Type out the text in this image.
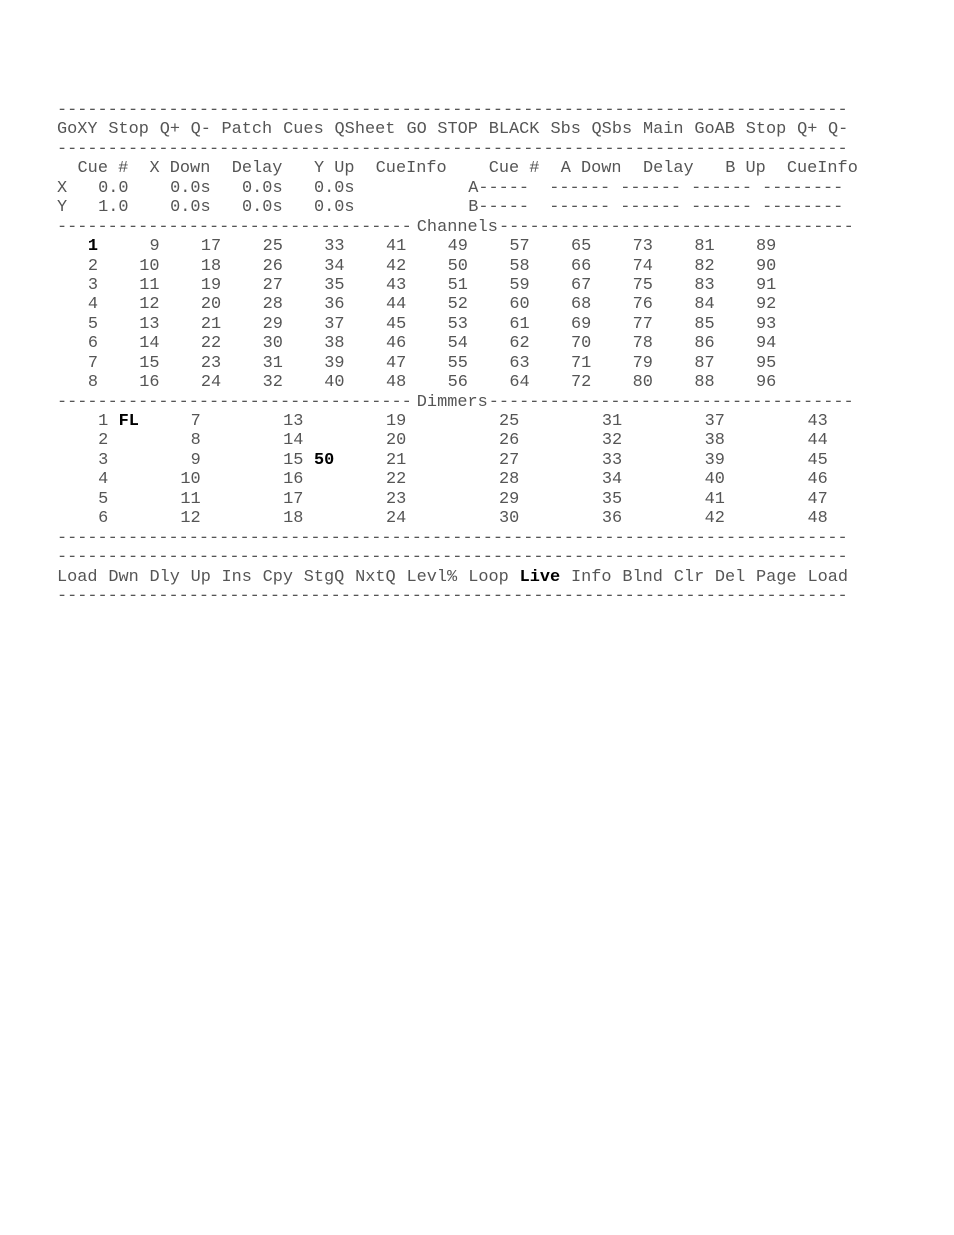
------------------------------------------------------------------------------
GoXY Stop Q+ Q- Patch Cues QSheet GO STOP BLACK Sbs QSbs Main GoAB Stop Q+ Q-
------------------------------------------------------------------------------
Cue # X Down Delay Y Up CueInfo Cue # A Down Delay B Up CueInfo
X 0.0 0.0s 0.0s 0.0s	A-----  ------ ------ ------ --------
Y 1.0 0.0s 0.0s 0.0s	B-----  ------ ------ ------ --------
----------------------------------- Channels -----------------------------------
1	9 17 25 33 41 49 57 65 73 81 89
2 10 18 26 34 42 50 58 66 74 82 90
3 11 19 27 35 43 51 59 67 75 83 91
4 12 20 28 36 44 52 60 68 76 84 92
5 13 21 29 37 45 53 61 69 77 85 93
6 14 22 30 38 46 54 62 70 78 86 94
7 15 23 31 39 47 55 63 71 79 87 95
8 16 24 32 40 48 56 64 72 80 88 96
----------------------------------- Dimmers ------------------------------------
1 FL	7	13	19	25	31	37	43
2	8	14	20	26	32	38	44
3	9	15 50	21	27	33	39	45
4	10	16	22	28	34	40	46
5	11	17	23	29	35	41	47
6	12	18	24	30	36	42	48
------------------------------------------------------------------------------
------------------------------------------------------------------------------
Load Dwn Dly Up Ins Cpy StgQ NxtQ Levl% Loop Live Info Blnd Clr Del Page Load
------------------------------------------------------------------------------
